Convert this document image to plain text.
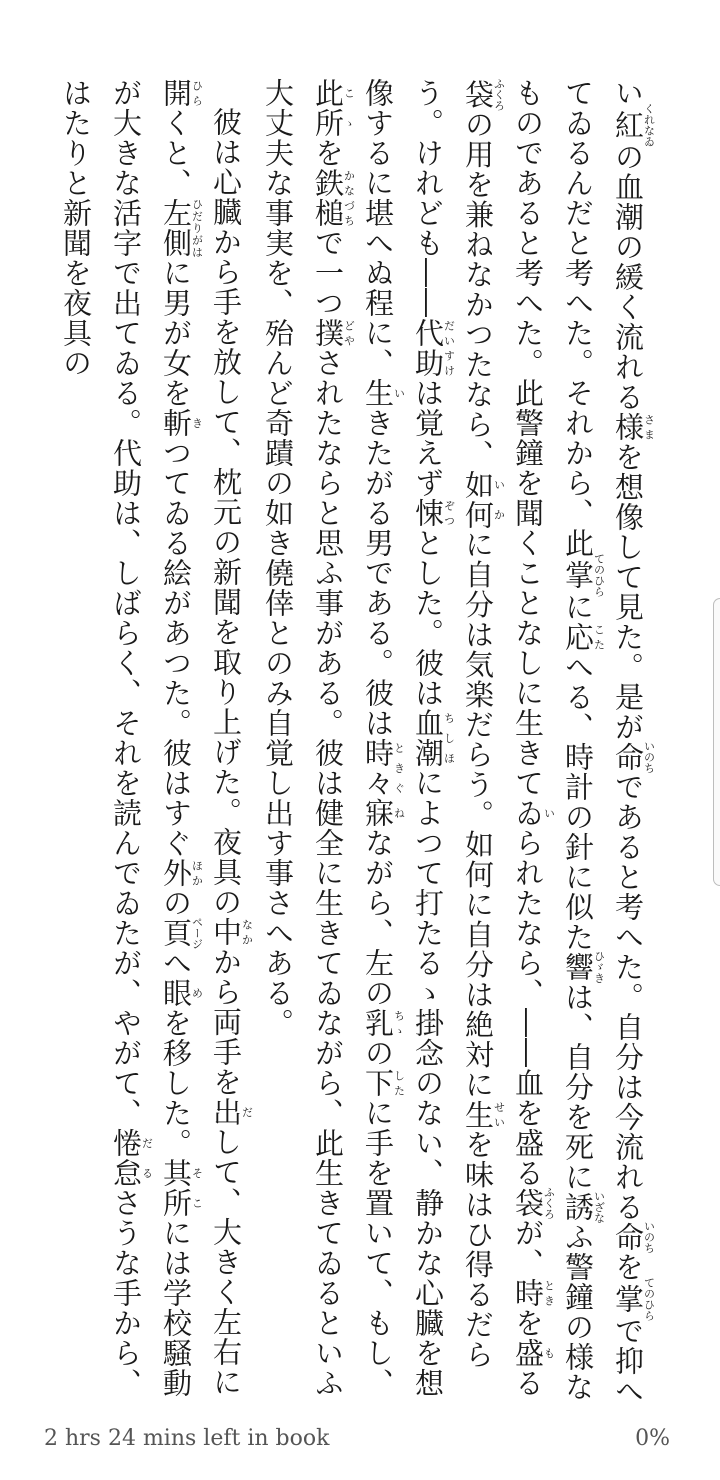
い紅くれなゐの血潮の緩く流れる様さまを想像して見た。是が命いのちであると考へた。自分は今流れる命いのちを掌てのひらで抑へてゐるんだと考へた。それから、此掌てのひらに応こたへる、時計の針に似た響ひゞきは、自分を死に誘いざなふ警鐘の様なものであると考へた。此警鐘を聞くことなしに生きてゐいられたなら、――血を盛る袋ふくろが、時ときを盛もる袋ふくろの用を兼ねなかつたなら、如何いかに自分は気楽だらう。如何に自分は絶対に生せいを味はひ得るだらう。けれども――代助だいすけは覚えず悚ぞつとした。彼は血潮ちしほによつて打たるゝ掛念のない、静かな心臓を想像するに堪へぬ程に、生いきたがる男である。彼は時々ときぐ寐ねながら、左の乳ちゝの下したに手を置いて、もし、此所こゝを鉄槌かなづちで一つ撲どやされたならと思ふ事がある。彼は健全に生きてゐながら、此生きてゐるといふ大丈夫な事実を、殆んど奇蹟の如き僥倖とのみ自覚し出す事さへある。

彼は心臓から手を放して、枕元の新聞を取り上げた。夜具の中なかから両手を出だして、大きく左右に開ひらくと、左側ひだりがはに男が女を斬きつてゐる絵があつた。彼はすぐ外ほかの頁ページへ眼めを移した。其所そこには学校騒動が大きな活字で出てゐる。代助は、しばらく、それを読んでゐたが、やがて、惓怠だるさうな手から、はたりと新聞を夜具の

2 hrs 24 mins left in book	0%
